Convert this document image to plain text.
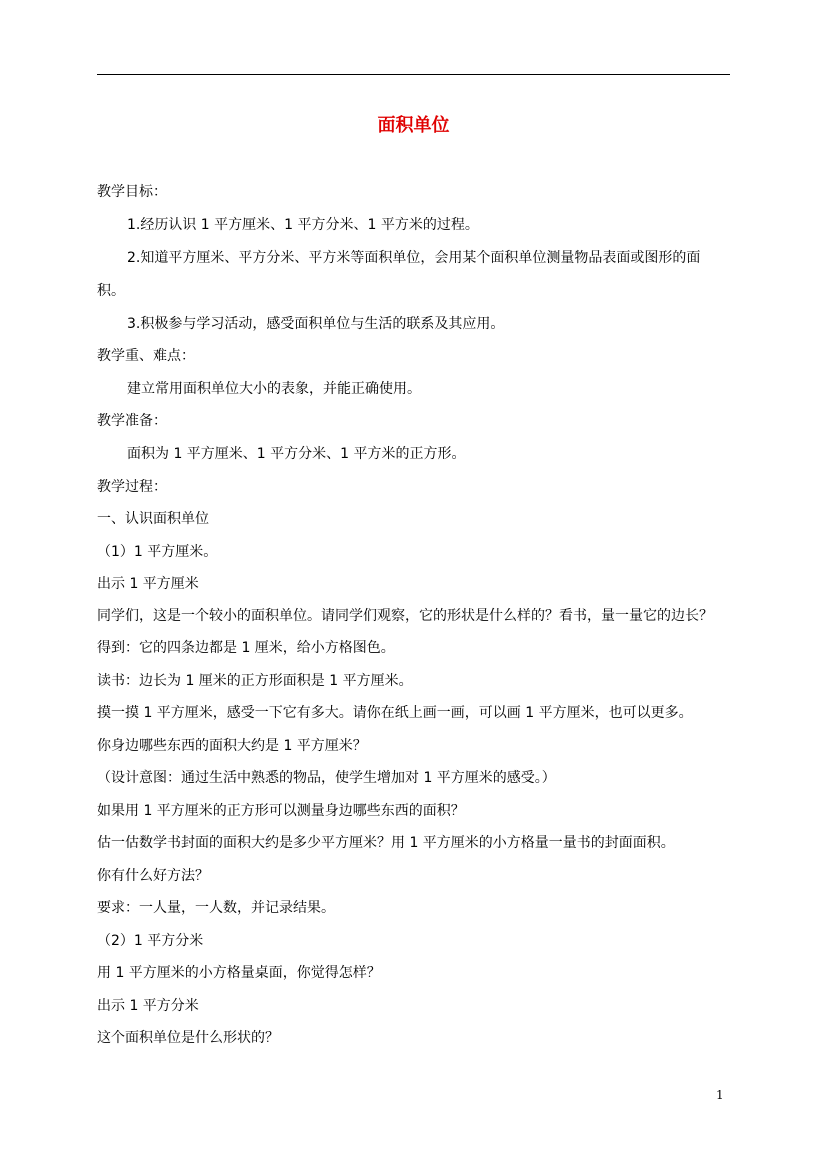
面积单位
教学目标：
1.经历认识 1 平方厘米、1 平方分米、1 平方米的过程。
2.知道平方厘米、平方分米、平方米等面积单位，会用某个面积单位测量物品表面或图形的面
积。
3.积极参与学习活动，感受面积单位与生活的联系及其应用。
教学重、难点：
建立常用面积单位大小的表象，并能正确使用。
教学准备：
面积为 1 平方厘米、1 平方分米、1 平方米的正方形。
教学过程：
一、认识面积单位
（1）1 平方厘米。
出示 1 平方厘米
同学们，这是一个较小的面积单位。请同学们观察，它的形状是什么样的？看书，量一量它的边长？
得到：它的四条边都是 1 厘米，给小方格图色。
读书：边长为 1 厘米的正方形面积是 1 平方厘米。
摸一摸 1 平方厘米，感受一下它有多大。请你在纸上画一画，可以画 1 平方厘米，也可以更多。
你身边哪些东西的面积大约是 1 平方厘米？
（设计意图：通过生活中熟悉的物品，使学生增加对 1 平方厘米的感受。）
如果用 1 平方厘米的正方形可以测量身边哪些东西的面积？
估一估数学书封面的面积大约是多少平方厘米？用 1 平方厘米的小方格量一量书的封面面积。
你有什么好方法？
要求：一人量，一人数，并记录结果。
（2）1 平方分米
用 1 平方厘米的小方格量桌面，你觉得怎样？
出示 1 平方分米
这个面积单位是什么形状的？
1
